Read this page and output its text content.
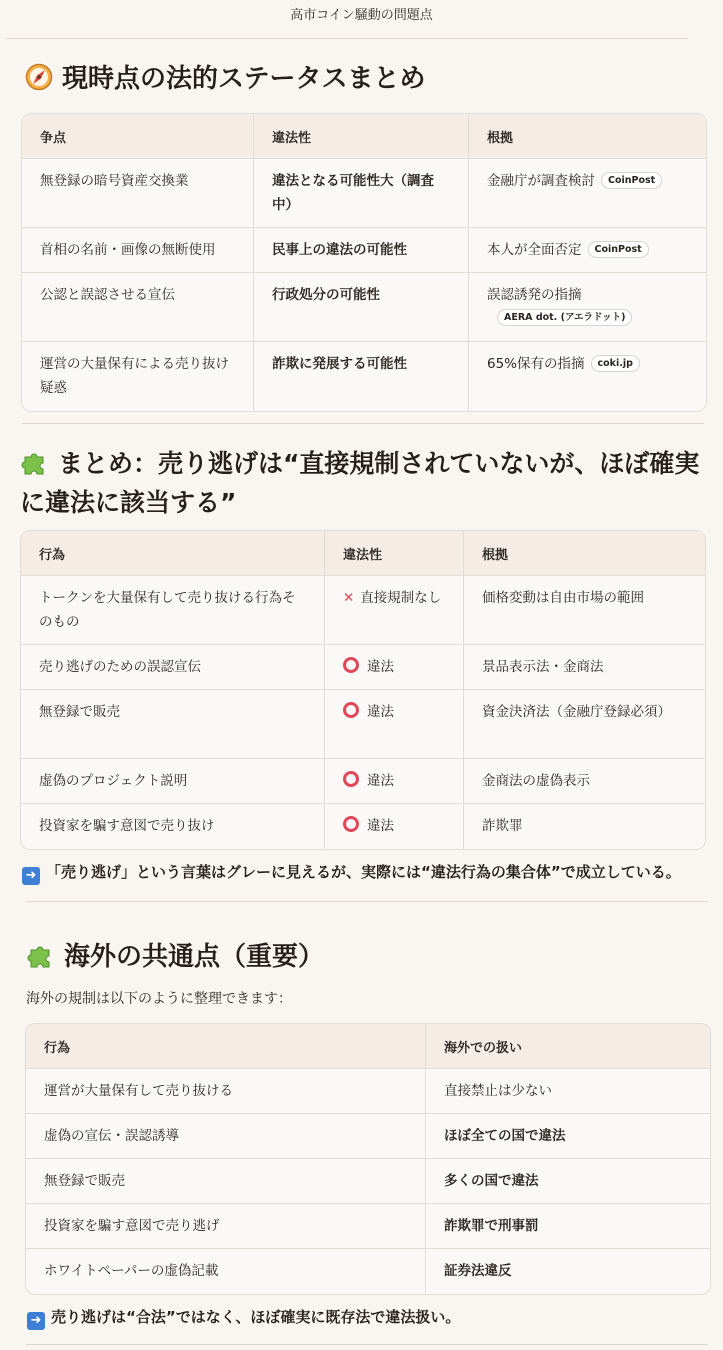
高市コイン騒動の問題点
現時点の法的ステータスまとめ
争点	違法性	根拠
無登録の暗号資産交換業	違法となる可能性大（調査中）	金融庁が調査検討 CoinPost
首相の名前・画像の無断使用	民事上の違法の可能性	本人が全面否定 CoinPost
公認と誤認させる宣伝	行政処分の可能性	誤認誘発の指摘
AERA dot. (アエラドット)

運営の大量保有による売り抜け疑惑	詐欺に発展する可能性	65%保有の指摘 coki.jp
まとめ：売り逃げは“直接規制されていないが、ほぼ確実に違法に該当する”
行為	違法性	根拠
トークンを大量保有して売り抜ける行為そのもの	✕ 直接規制なし	価格変動は自由市場の範囲
売り逃げのための誤認宣伝	違法	景品表示法・金商法
無登録で販売	違法	資金決済法（金融庁登録必須）
虚偽のプロジェクト説明	違法	金商法の虚偽表示
投資家を騙す意図で売り抜け	違法	詐欺罪
➜ 「売り逃げ」という言葉はグレーに見えるが、実際には“違法行為の集合体”で成立している。
海外の共通点（重要）
海外の規制は以下のように整理できます：
行為	海外での扱い
運営が大量保有して売り抜ける	直接禁止は少ない
虚偽の宣伝・誤認誘導	ほぼ全ての国で違法
無登録で販売	多くの国で違法
投資家を騙す意図で売り逃げ	詐欺罪で刑事罰
ホワイトペーパーの虚偽記載	証券法違反
➜ 売り逃げは“合法”ではなく、ほぼ確実に既存法で違法扱い。
